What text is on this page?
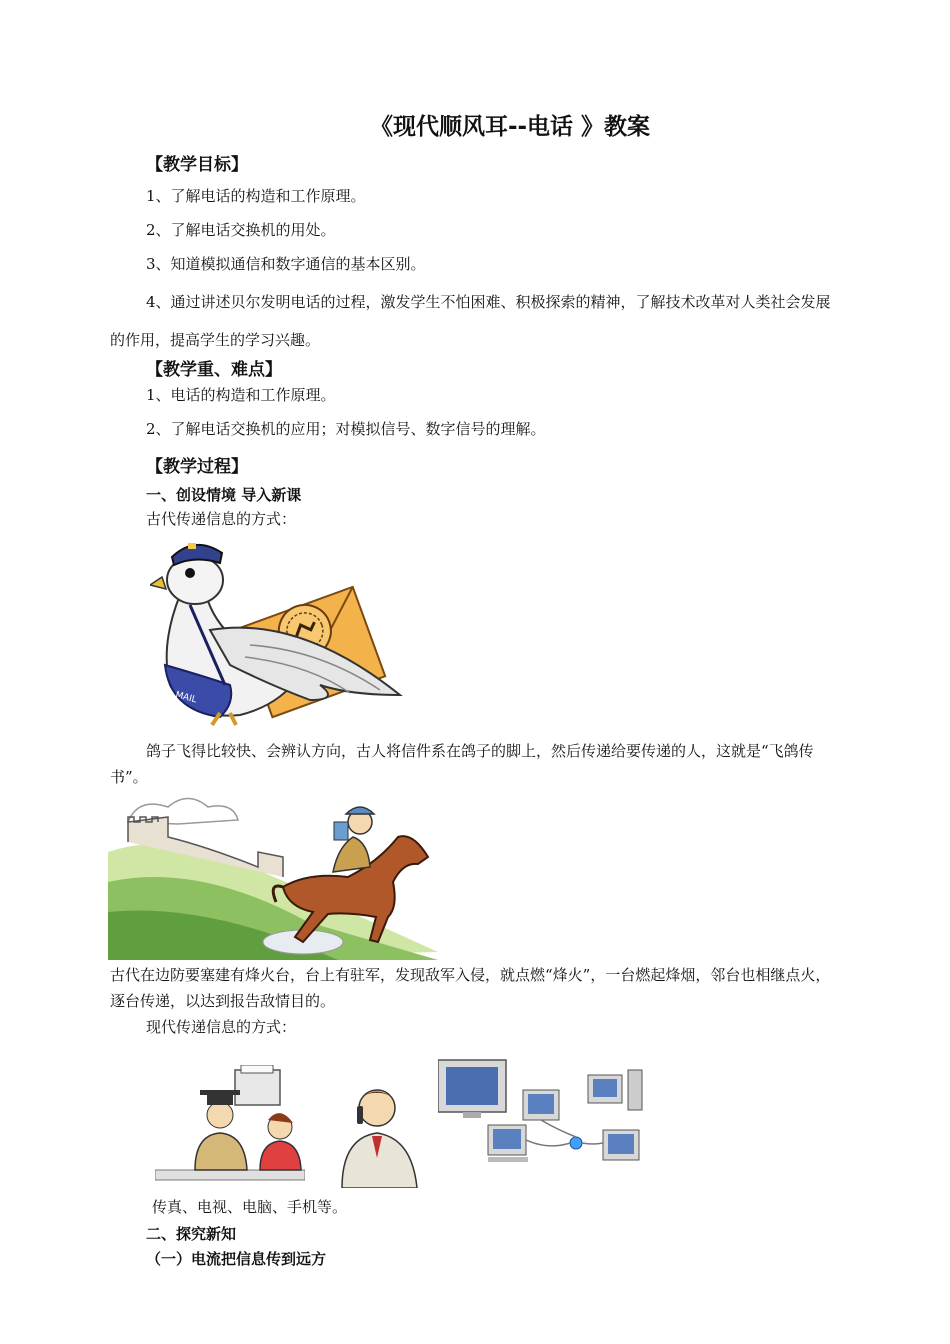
《现代顺风耳--电话 》教案
【教学目标】
1、了解电话的构造和工作原理。
2、了解电话交换机的用处。
3、知道模拟通信和数字通信的基本区别。
4、通过讲述贝尔发明电话的过程，激发学生不怕困难、积极探索的精神，了解技术改革对人类社会发展的作用，提高学生的学习兴趣。
【教学重、难点】
1、电话的构造和工作原理。
2、了解电话交换机的应用；对模拟信号、数字信号的理解。
【教学过程】
一、创设情境 导入新课
古代传递信息的方式：
MAIL
鸽子飞得比较快、会辨认方向，古人将信件系在鸽子的脚上，然后传递给要传递的人，这就是“飞鸽传书”。
古代在边防要塞建有烽火台，台上有驻军，发现敌军入侵，就点燃“烽火”，一台燃起烽烟，邻台也相继点火，逐台传递，以达到报告敌情目的。
现代传递信息的方式：
传真、电视、电脑、手机等。
二、探究新知
（一）电流把信息传到远方
